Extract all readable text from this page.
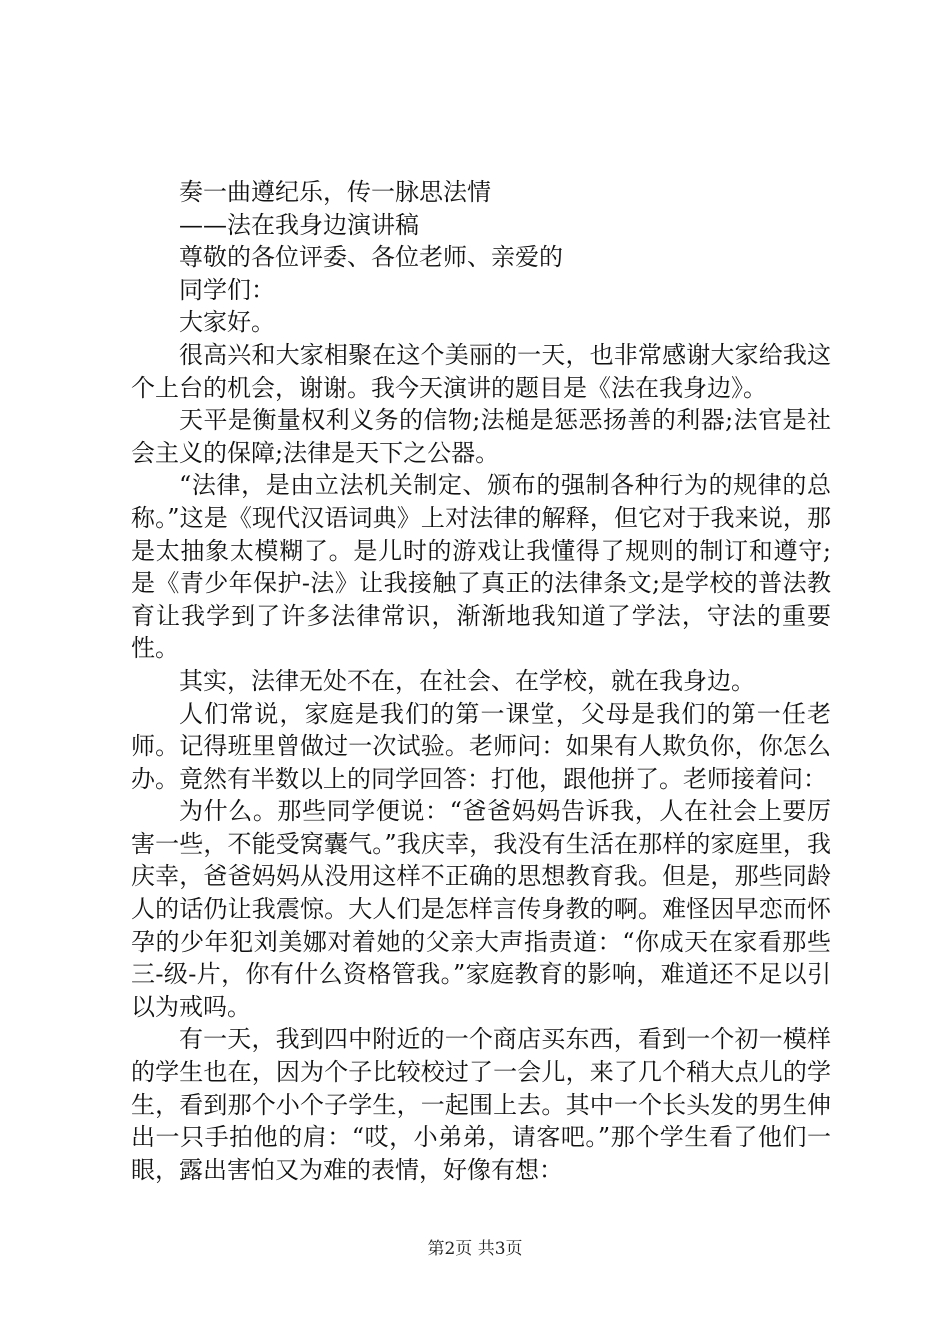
奏一曲遵纪乐，传一脉思法情

——法在我身边演讲稿

尊敬的各位评委、各位老师、亲爱的

同学们：

大家好。

很高兴和大家相聚在这个美丽的一天，也非常感谢大家给我这个上台的机会，谢谢。我今天演讲的题目是《法在我身边》。

天平是衡量权利义务的信物;法槌是惩恶扬善的利器;法官是社会主义的保障;法律是天下之公器。

“法律，是由立法机关制定、颁布的强制各种行为的规律的总称。”这是《现代汉语词典》上对法律的解释，但它对于我来说，那是太抽象太模糊了。是儿时的游戏让我懂得了规则的制订和遵守;是《青少年保护-法》让我接触了真正的法律条文;是学校的普法教育让我学到了许多法律常识，渐渐地我知道了学法，守法的重要性。

其实，法律无处不在，在社会、在学校，就在我身边。

人们常说，家庭是我们的第一课堂，父母是我们的第一任老师。记得班里曾做过一次试验。老师问：如果有人欺负你，你怎么办。竟然有半数以上的同学回答：打他，跟他拼了。老师接着问：

为什么。那些同学便说：“爸爸妈妈告诉我，人在社会上要厉害一些，不能受窝囊气。”我庆幸，我没有生活在那样的家庭里，我庆幸，爸爸妈妈从没用这样不正确的思想教育我。但是，那些同龄人的话仍让我震惊。大人们是怎样言传身教的啊。难怪因早恋而怀孕的少年犯刘美娜对着她的父亲大声指责道：“你成天在家看那些三-级-片，你有什么资格管我。”家庭教育的影响，难道还不足以引以为戒吗。

有一天，我到四中附近的一个商店买东西，看到一个初一模样的学生也在，因为个子比较校过了一会儿，来了几个稍大点儿的学生，看到那个小个子学生，一起围上去。其中一个长头发的男生伸出一只手拍他的肩：“哎，小弟弟，请客吧。”那个学生看了他们一眼，露出害怕又为难的表情，好像有想：

第2页 共3页
